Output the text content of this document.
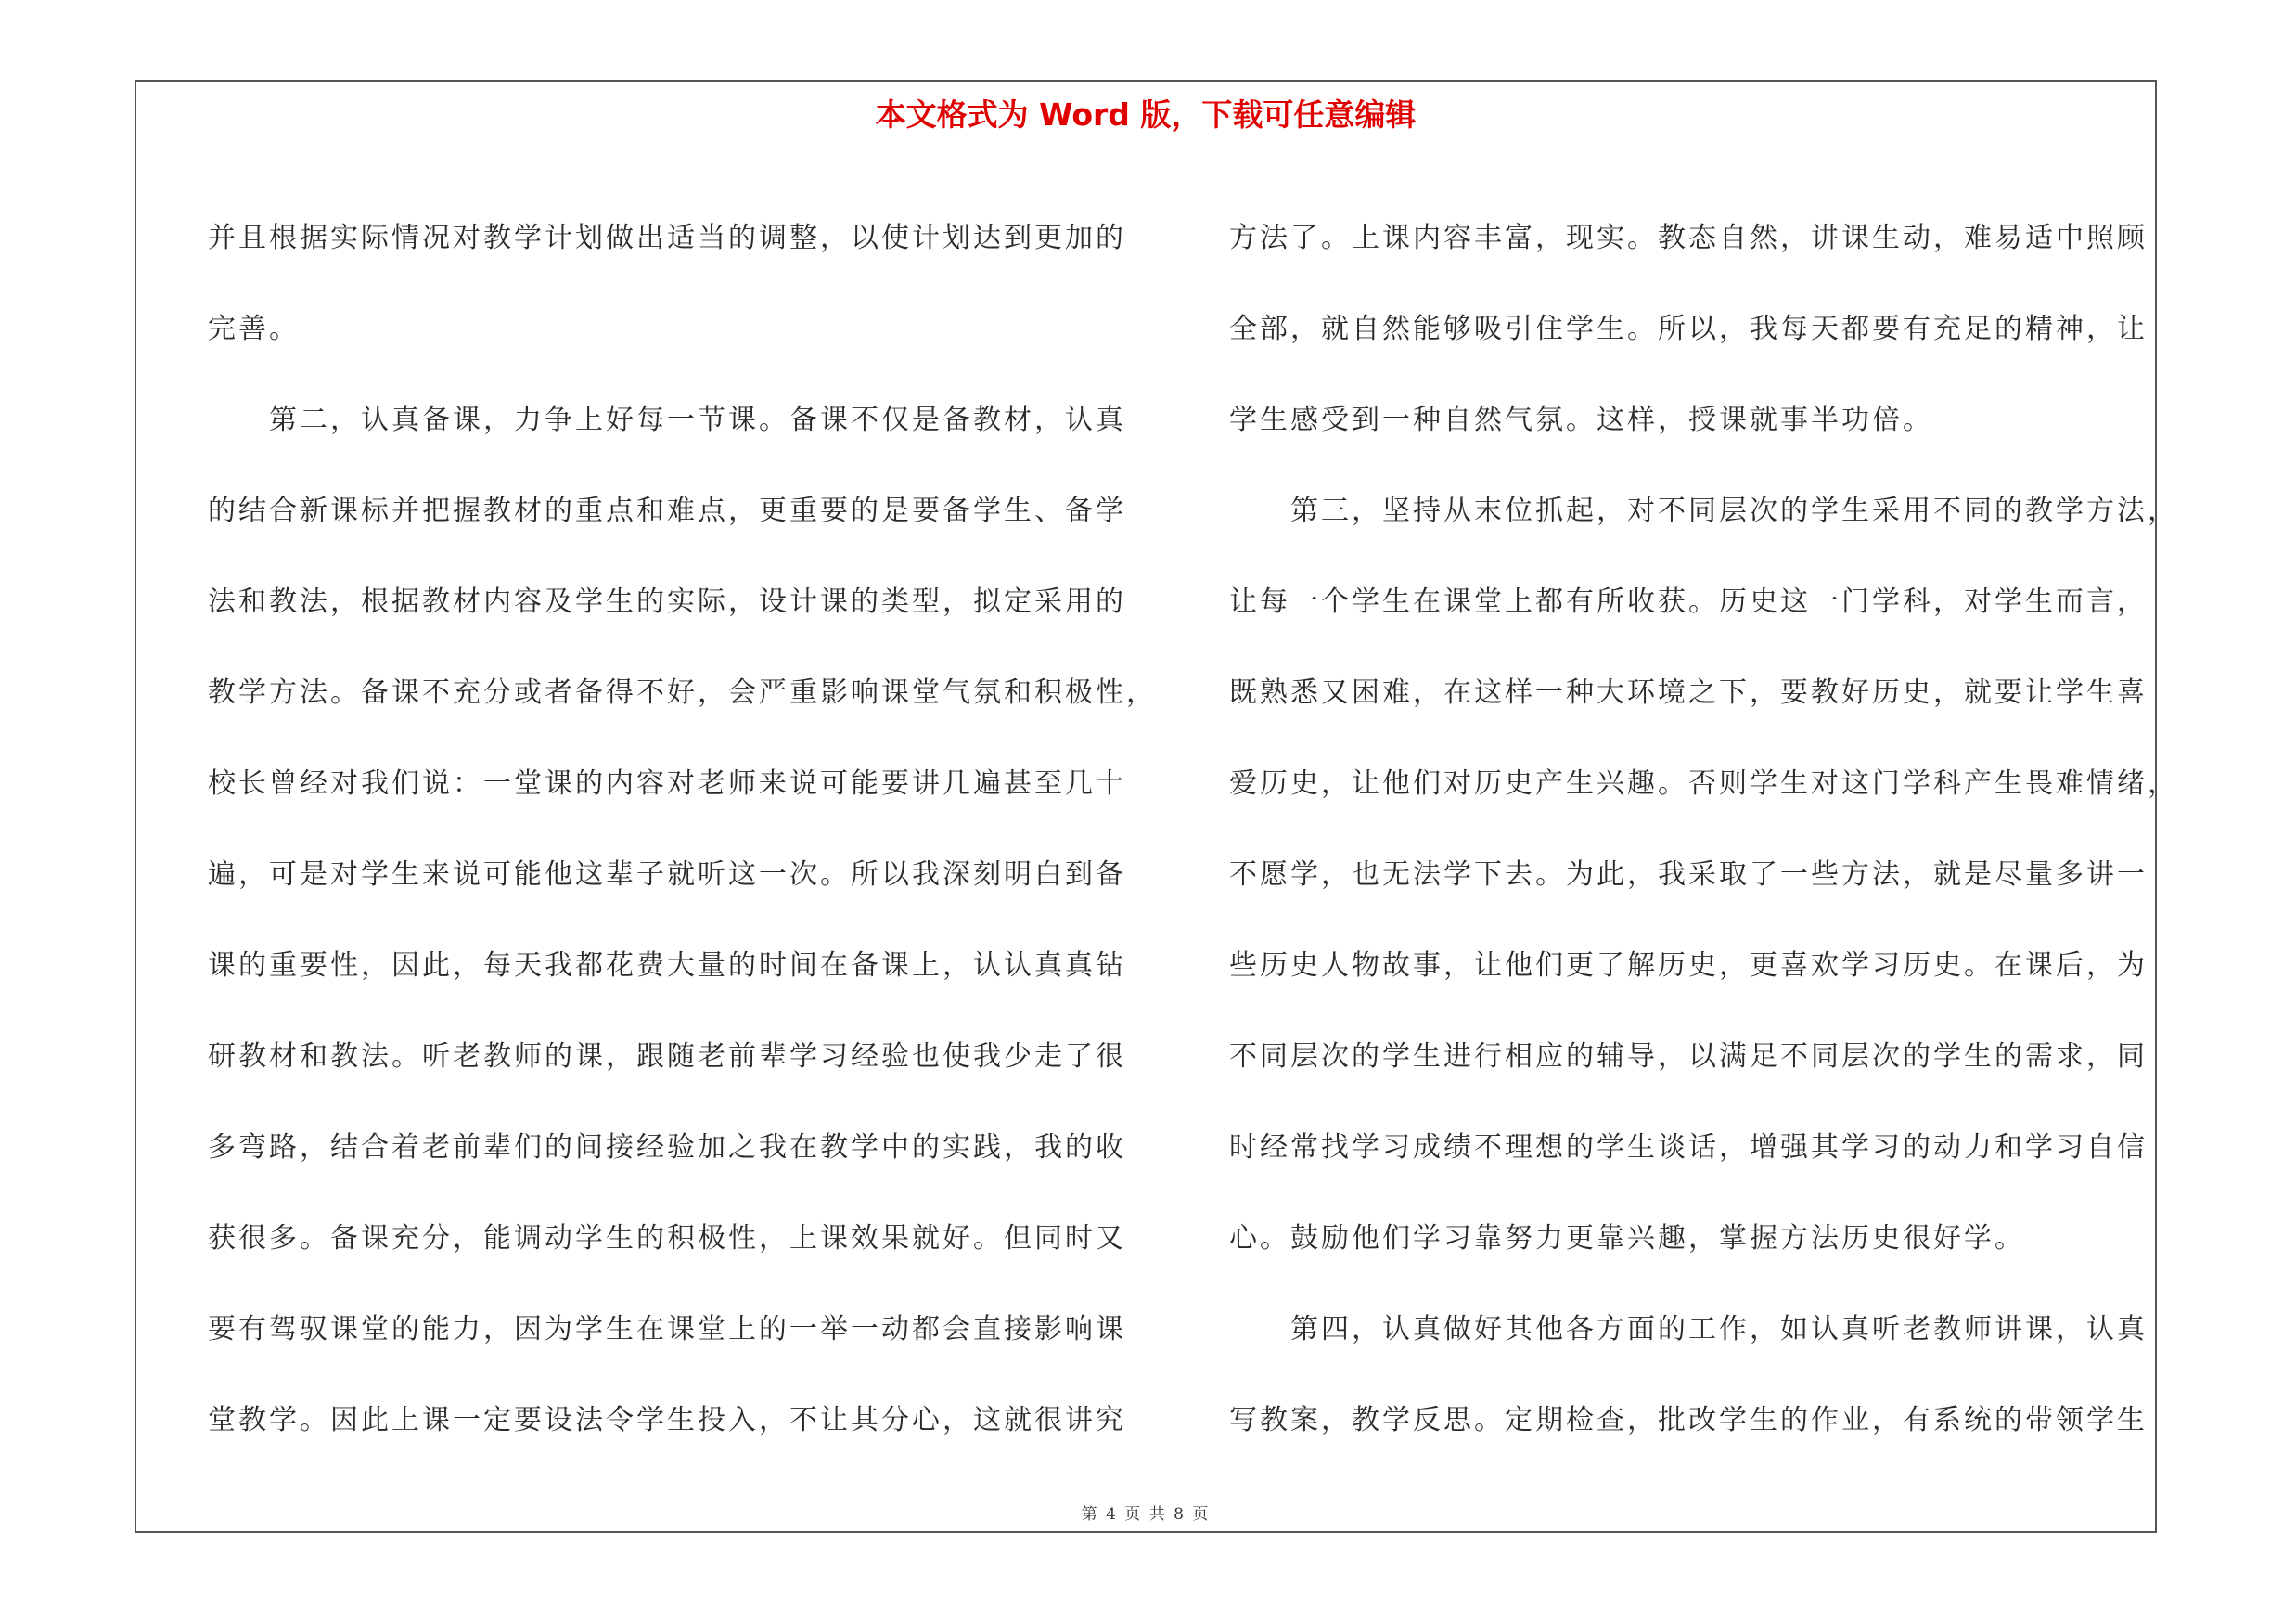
本文格式为 Word 版，下载可任意编辑
并且根据实际情况对教学计划做出适当的调整，以使计划达到更加的
完善。
第二，认真备课，力争上好每一节课。备课不仅是备教材，认真
的结合新课标并把握教材的重点和难点，更重要的是要备学生、备学
法和教法，根据教材内容及学生的实际，设计课的类型，拟定采用的
教学方法。备课不充分或者备得不好，会严重影响课堂气氛和积极性，
校长曾经对我们说：一堂课的内容对老师来说可能要讲几遍甚至几十
遍，可是对学生来说可能他这辈子就听这一次。所以我深刻明白到备
课的重要性，因此，每天我都花费大量的时间在备课上，认认真真钻
研教材和教法。听老教师的课，跟随老前辈学习经验也使我少走了很
多弯路，结合着老前辈们的间接经验加之我在教学中的实践，我的收
获很多。备课充分，能调动学生的积极性，上课效果就好。但同时又
要有驾驭课堂的能力，因为学生在课堂上的一举一动都会直接影响课
堂教学。因此上课一定要设法令学生投入，不让其分心，这就很讲究
方法了。上课内容丰富，现实。教态自然，讲课生动，难易适中照顾
全部，就自然能够吸引住学生。所以，我每天都要有充足的精神，让
学生感受到一种自然气氛。这样，授课就事半功倍。
第三，坚持从末位抓起，对不同层次的学生采用不同的教学方法，
让每一个学生在课堂上都有所收获。历史这一门学科，对学生而言，
既熟悉又困难，在这样一种大环境之下，要教好历史，就要让学生喜
爱历史，让他们对历史产生兴趣。否则学生对这门学科产生畏难情绪，
不愿学，也无法学下去。为此，我采取了一些方法，就是尽量多讲一
些历史人物故事，让他们更了解历史，更喜欢学习历史。在课后，为
不同层次的学生进行相应的辅导，以满足不同层次的学生的需求，同
时经常找学习成绩不理想的学生谈话，增强其学习的动力和学习自信
心。鼓励他们学习靠努力更靠兴趣，掌握方法历史很好学。
第四，认真做好其他各方面的工作，如认真听老教师讲课，认真
写教案，教学反思。定期检查，批改学生的作业，有系统的带领学生
第 4 页 共 8 页
